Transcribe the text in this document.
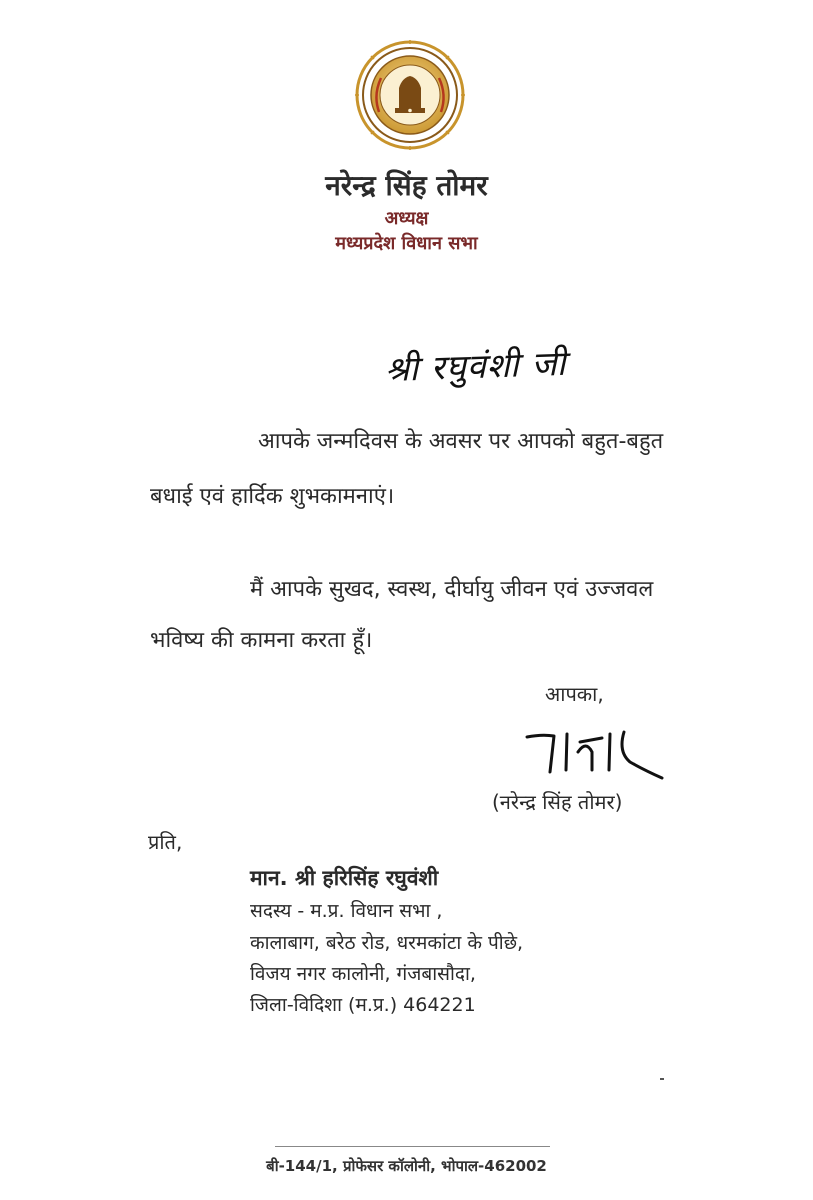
नरेन्द्र सिंह तोमर
अध्यक्ष
मध्यप्रदेश विधान सभा
श्री रघुवंशी जी
आपके जन्मदिवस के अवसर पर आपको बहुत-बहुत
बधाई एवं हार्दिक शुभकामनाएं।
मैं आपके सुखद, स्वस्थ, दीर्घायु जीवन एवं उज्जवल
भविष्य की कामना करता हूँ।
आपका,
(नरेन्द्र सिंह तोमर)
प्रति,
मान. श्री हरिसिंह रघुवंशी
सदस्य - म.प्र. विधान सभा ,
कालाबाग, बरेठ रोड, धरमकांटा के पीछे,
विजय नगर कालोनी, गंजबासौदा,
जिला-विदिशा (म.प्र.) 464221
बी-144/1, प्रोफेसर कॉलोनी, भोपाल-462002
